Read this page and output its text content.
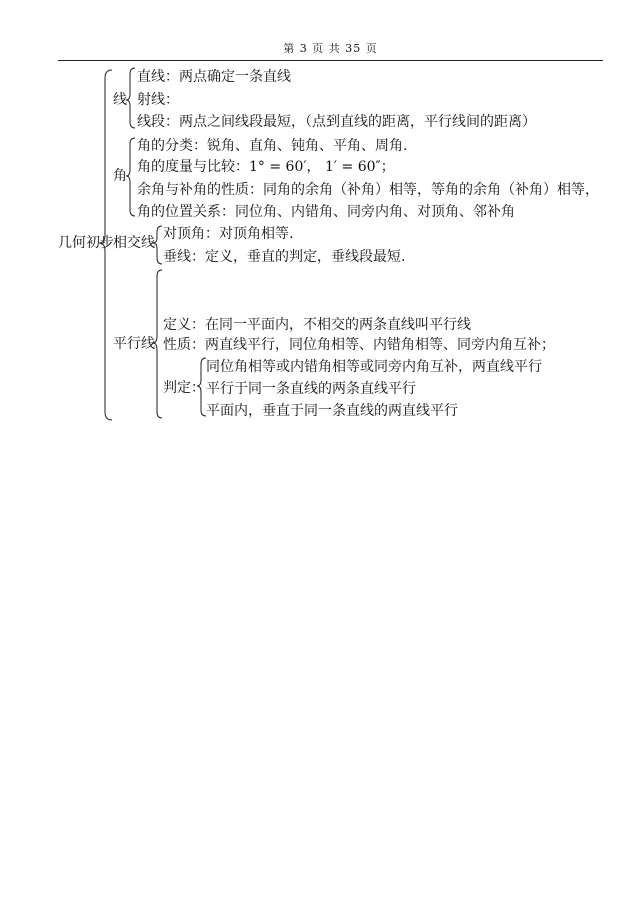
第 3 页 共 35 页
几何初步
线
直线：两点确定一条直线
射线：
线段：两点之间线段最短，（点到直线的距离，平行线间的距离）
角
角的分类：锐角、直角、钝角、平角、周角.
角的度量与比较：1° = 60′， 1′ = 60″；
余角与补角的性质：同角的余角（补角）相等，等角的余角（补角）相等，
角的位置关系：同位角、内错角、同旁内角、对顶角、邻补角
相交线
对顶角：对顶角相等.
垂线：定义，垂直的判定，垂线段最短.
平行线
定义：在同一平面内，不相交的两条直线叫平行线
性质：两直线平行，同位角相等、内错角相等、同旁内角互补；
判定：
同位角相等或内错角相等或同旁内角互补，两直线平行
平行于同一条直线的两条直线平行
平面内，垂直于同一条直线的两直线平行
